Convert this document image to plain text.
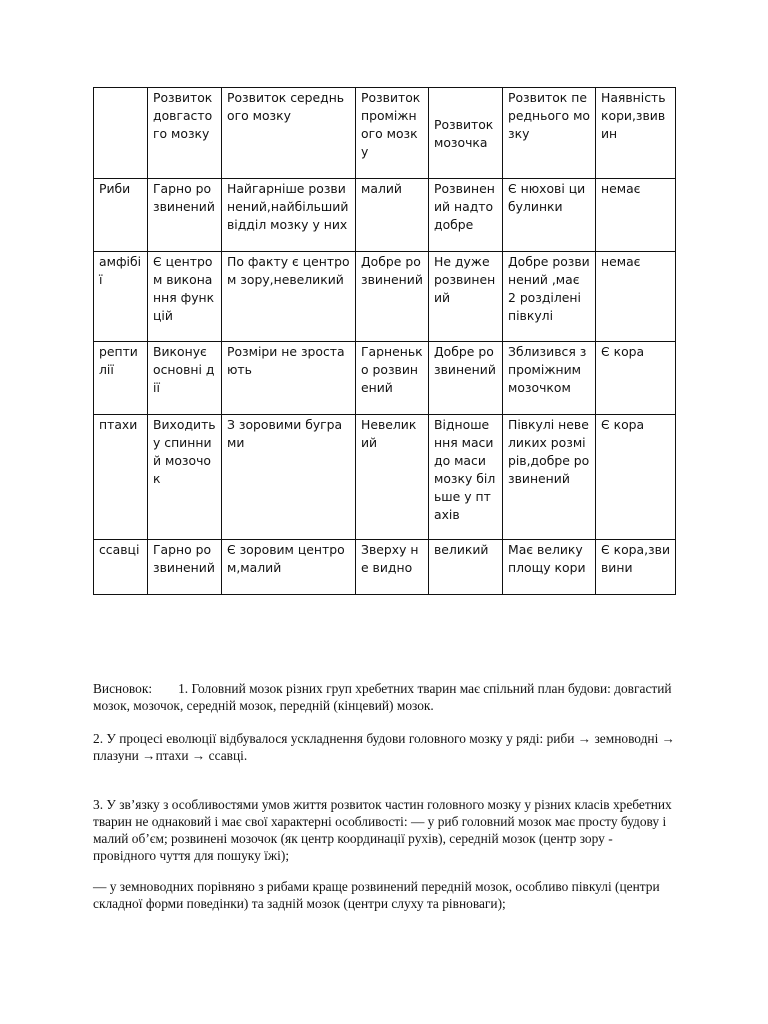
	Розвиток довгастого мозку	Розвиток середнього мозку	Розвиток проміжного мозку	Розвиток мозочка	Розвиток переднього мозку	Наявність кори,звивин
Риби	Гарно розвинений	Найгарніше розвинений,найбільший відділ мозку у них	малий	Розвинений надто добре	Є нюхові цибулинки	немає
амфібії	Є центром виконання функцій	По факту є центром зору,невеликий	Добре розвинений	Не дуже розвинений	Добре розвинений ,має 2 розділені півкулі	немає
рептилії	Виконує основні дії	Розміри не зростають	Гарненько розвинений	Добре розвинений	Зблизився з проміжним мозочком	Є кора
птахи	Виходить у спинний мозочок	З зоровими буграми	Невеликий	Відношення маси до маси мозку більше у птахів	Півкулі невеликих розмірів,добре розвинений	Є кора
ссавці	Гарно розвинений	Є зоровим центром,малий	Зверху не видно	великий	Має велику площу кори	Є кора,звивини

Висновок: 1. Головний мозок різних груп хребетних тварин має спільний план будови: довгастий мозок, мозочок, середній мозок, передній (кінцевий) мозок.

2. У процесі еволюції відбувалося ускладнення будови головного мозку у ряді: риби → земноводні → плазуни →птахи → ссавці.

3. У зв’язку з особливостями умов життя розвиток частин головного мозку у різних класів хребетних тварин не однаковий і має свої характерні особливості: — у риб головний мозок має просту будову і малий об’єм; розвинені мозочок (як центр координації рухів), середній мозок (центр зору - провідного чуття для пошуку їжі);

— у земноводних порівняно з рибами краще розвинений передній мозок, особливо півкулі (центри складної форми поведінки) та задній мозок (центри слуху та рівноваги);
